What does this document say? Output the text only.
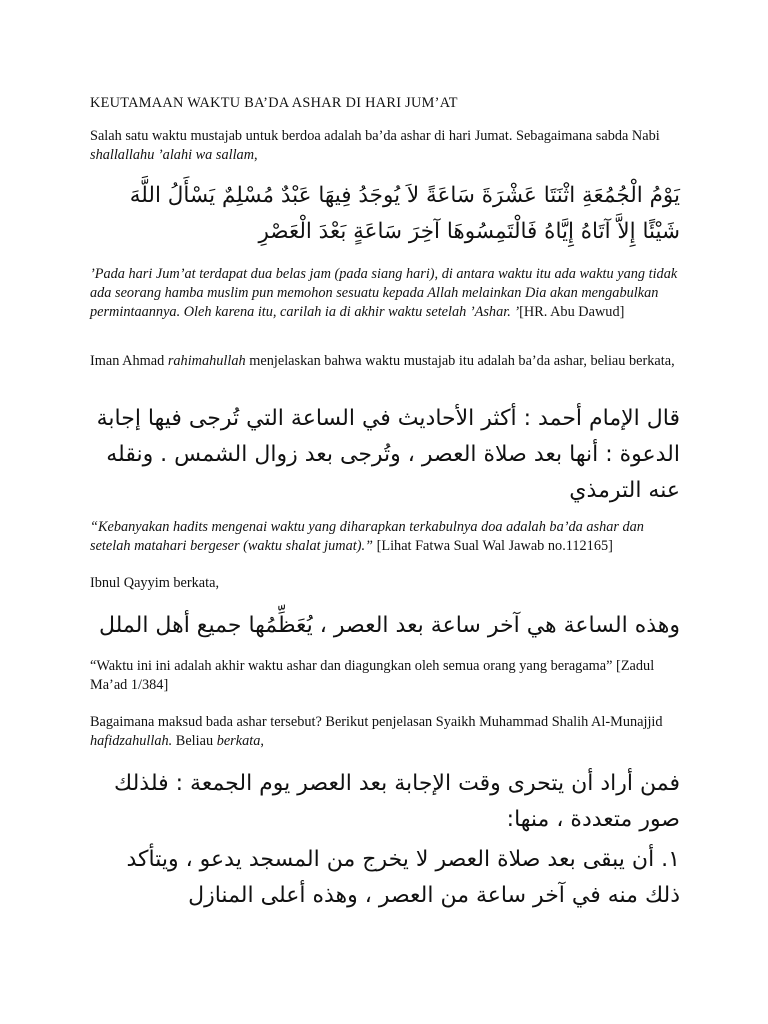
KEUTAMAAN WAKTU BA’DA ASHAR DI HARI JUM’AT

Salah satu waktu mustajab untuk berdoa adalah ba’da ashar di hari Jumat. Sebagaimana sabda Nabi shallallahu ’alahi wa sallam,

يَوْمُ الْجُمُعَةِ اثْنَتَا عَشْرَةَ سَاعَةً لاَ يُوجَدُ فِيهَا عَبْدٌ مُسْلِمٌ يَسْأَلُ اللَّهَ شَيْئًا إِلاَّ آتَاهُ إِيَّاهُ فَالْتَمِسُوهَا آخِرَ سَاعَةٍ بَعْدَ الْعَصْرِ

’Pada hari Jum’at terdapat dua belas jam (pada siang hari), di antara waktu itu ada waktu yang tidak ada seorang hamba muslim pun memohon sesuatu kepada Allah melainkan Dia akan mengabulkan permintaannya. Oleh karena itu, carilah ia di akhir waktu setelah ’Ashar. ’[HR. Abu Dawud]

Iman Ahmad rahimahullah menjelaskan bahwa waktu mustajab itu adalah ba’da ashar, beliau berkata,

قال الإمام أحمد : أكثر الأحاديث في الساعة التي تُرجى فيها إجابة الدعوة : أنها بعد صلاة العصر ، وتُرجى بعد زوال الشمس . ونقله عنه الترمذي

“Kebanyakan hadits mengenai waktu yang diharapkan terkabulnya doa adalah ba’da ashar dan setelah matahari bergeser (waktu shalat jumat).” [Lihat Fatwa Sual Wal Jawab no.112165]

Ibnul Qayyim berkata,

وهذه الساعة هي آخر ساعة بعد العصر ، يُعَظِّمُها جميع أهل الملل

“Waktu ini ini adalah akhir waktu ashar dan diagungkan oleh semua orang yang beragama” [Zadul Ma’ad 1/384]

Bagaimana maksud bada ashar tersebut? Berikut penjelasan Syaikh Muhammad Shalih Al-Munajjid hafidzahullah. Beliau berkata,

فمن أراد أن يتحرى وقت الإجابة بعد العصر يوم الجمعة : فلذلك صور متعددة ، منها:

١. أن يبقى بعد صلاة العصر لا يخرج من المسجد يدعو ، ويتأكد ذلك منه في آخر ساعة من العصر ، وهذه أعلى المنازل
